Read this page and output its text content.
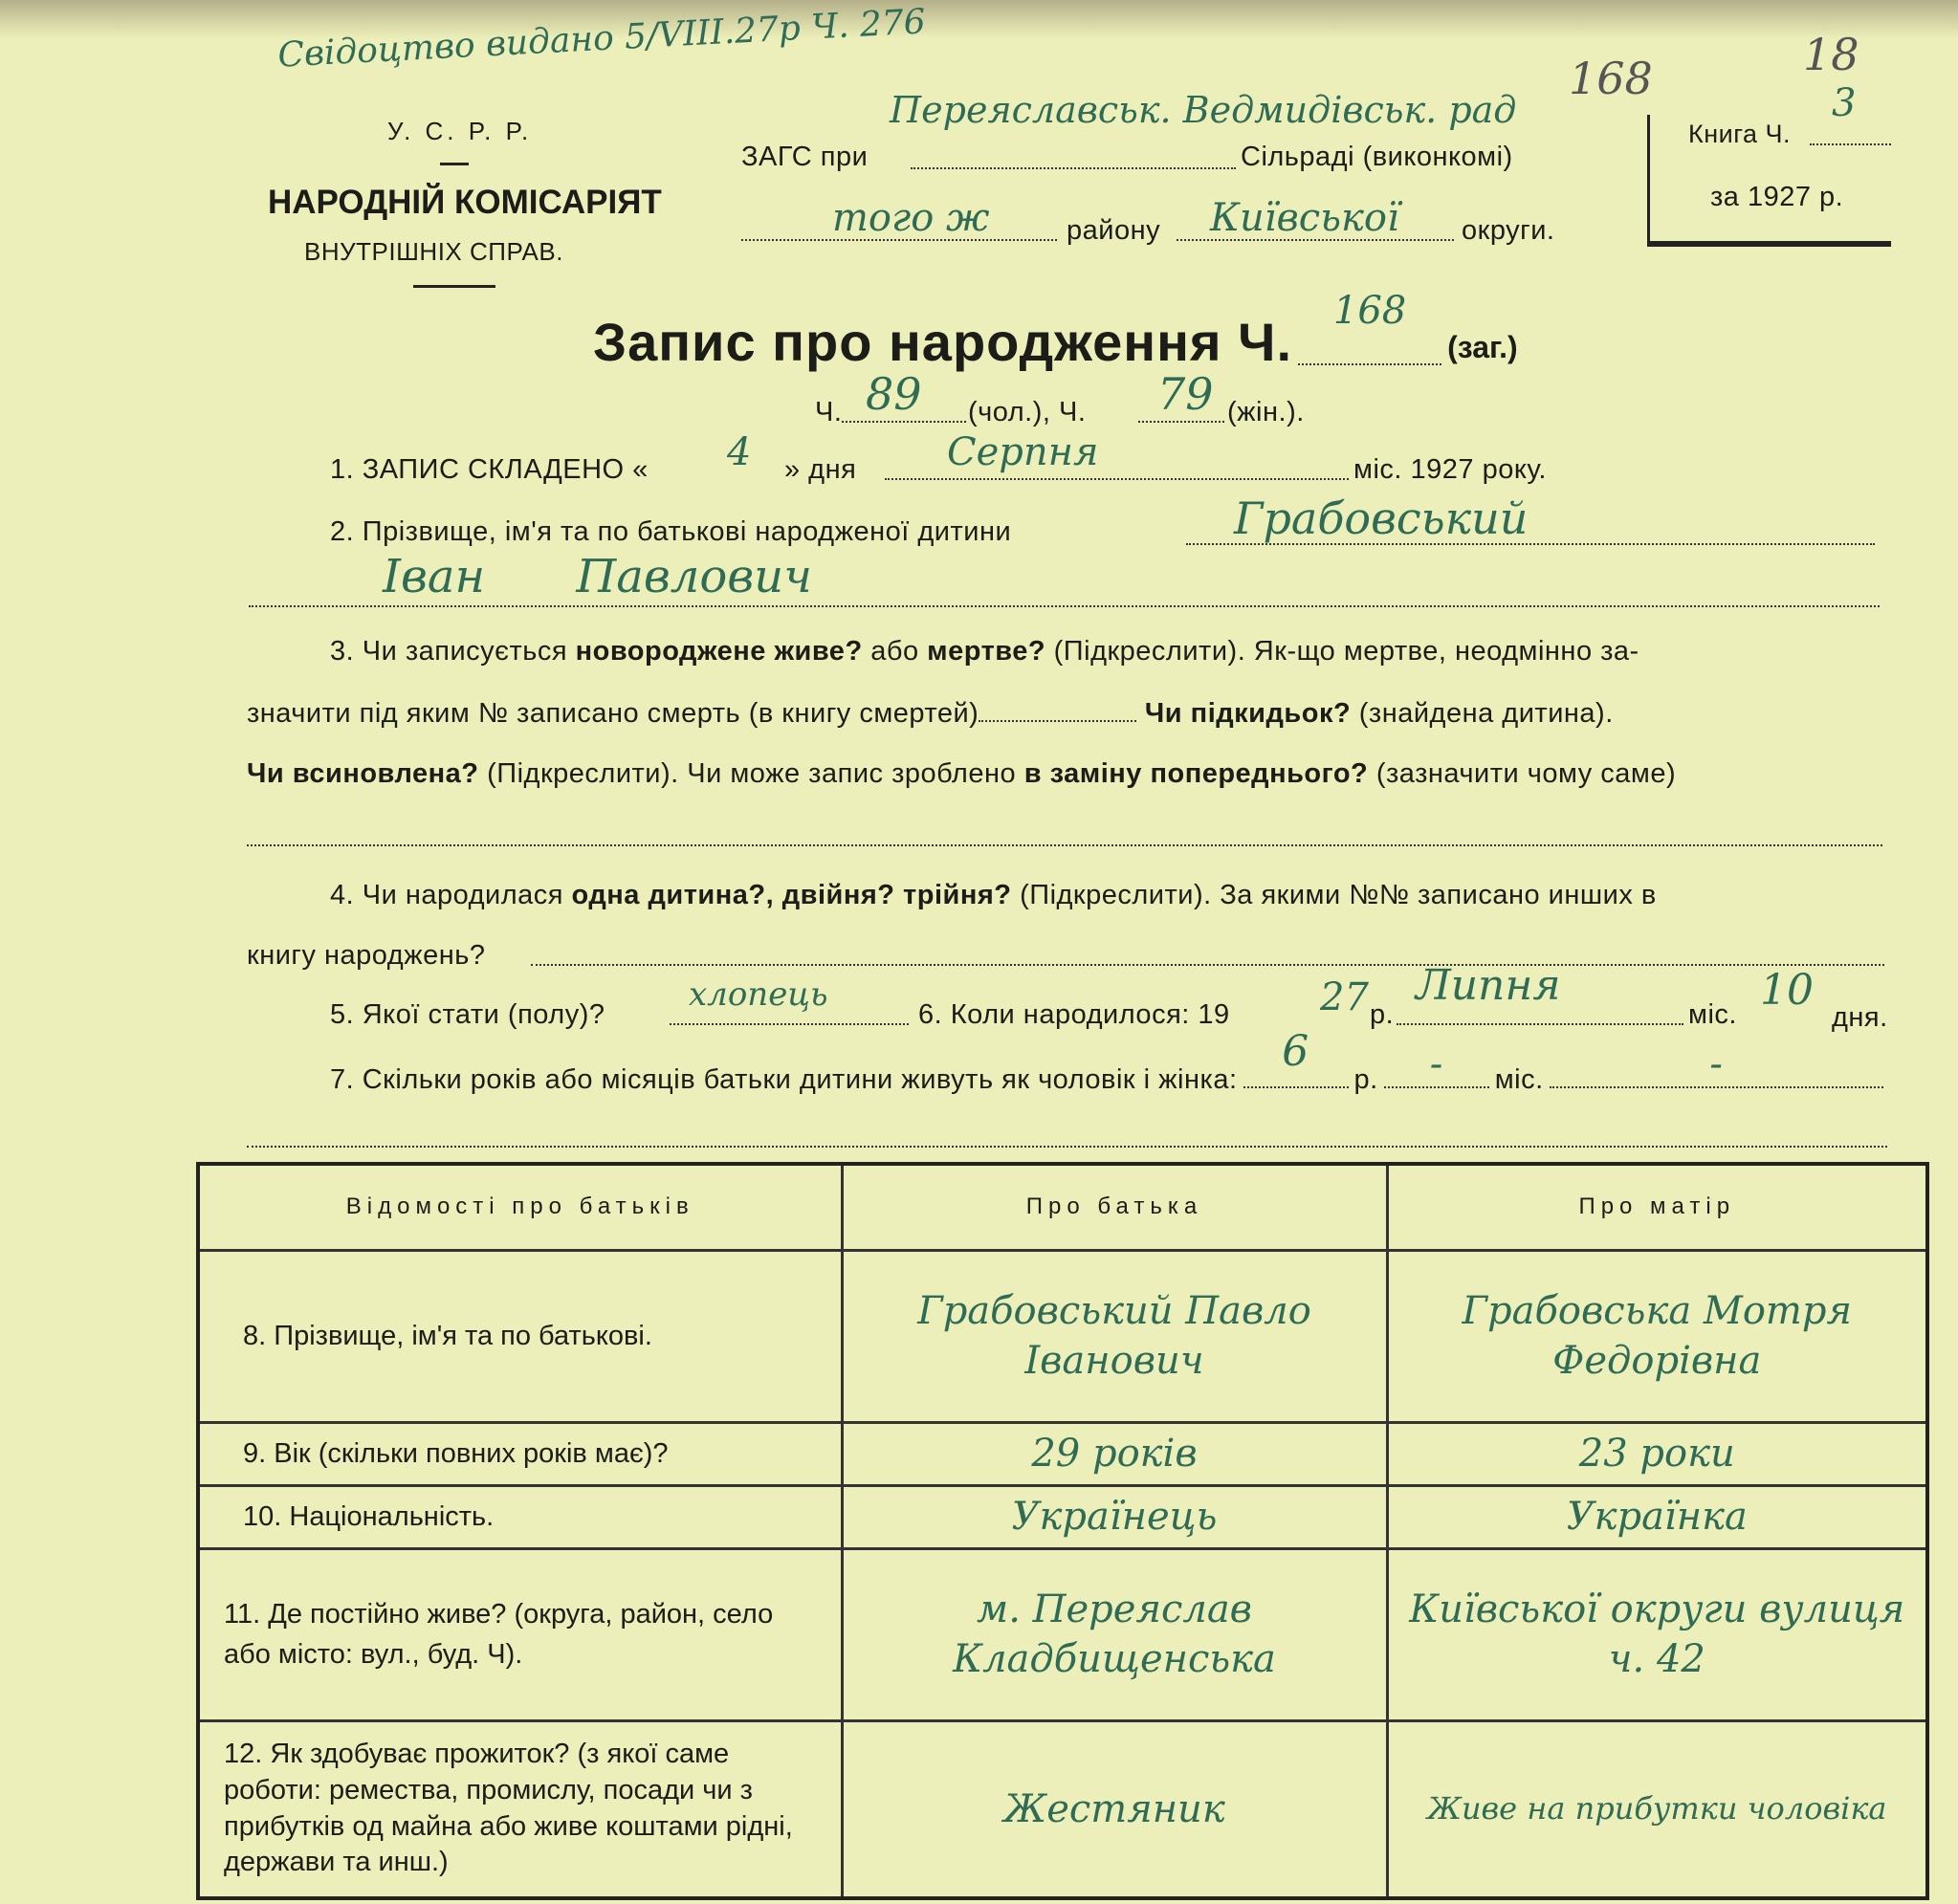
Свідоцтво видано 5/VIII.27р Ч. 276
168	18
У. С. Р. Р.
НАРОДНІЙ КОМІСАРІЯТ
ВНУТРІШНІХ СПРАВ.
ЗАГС при
Переяславськ. Ведмидівськ. рад
Сільраді (виконкомі)
того ж	району Київської округи.
Книга Ч.
3
за 1927 р.
Запис про народження Ч.
168
(заг.)
Ч. 89 (чол.), Ч. 79 (жін.).
1. ЗАПИС СКЛАДЕНО « 4 » дня Серпня	міс. 1927 року.
2. Прізвище, ім'я та по батькові народженої дитини	Грабовський
Іван Павлович
3. Чи записується новороджене живе? або мертве? (Підкреслити). Як-що мертве, неодмінно за-
значити під яким № записано смерть (в книгу смертей)	Чи підкидьок? (знайдена дитина).
Чи всиновлена? (Підкреслити). Чи може запис зроблено в заміну попереднього? (зазначити чому саме)
4. Чи народилася одна дитина?, двійня? трійня? (Підкреслити). За якими №№ записано инших в
книгу народжень?
5. Якої стати (полу)?
хлопець
6. Коли народилося: 19 27 р.
Липня
міс. 10
дня.
7. Скільки років або місяців батьки дитини живуть як чоловік і жінка:
6
р. - міс.	-
Відомості про батьків	Про батька	Про матір
8. Прізвище, ім'я та по батькові.	Грабовський Павло Іванович	Грабовська Мотря Федорівна
9. Вік (скільки повних років має)?	29 років	23 роки
10. Національність.	Українець	Українка
11. Де постійно живе? (округа, район, село або місто: вул., буд. Ч).	м. Переяслав Кладбищенська	Київської округи вулиця ч. 42
12. Як здобуває прожиток? (з якої саме роботи: ремества, промислу, посади чи з прибутків од майна або живе коштами рідні, держави та инш.)	Жестяник	Живе на прибутки чоловіка
